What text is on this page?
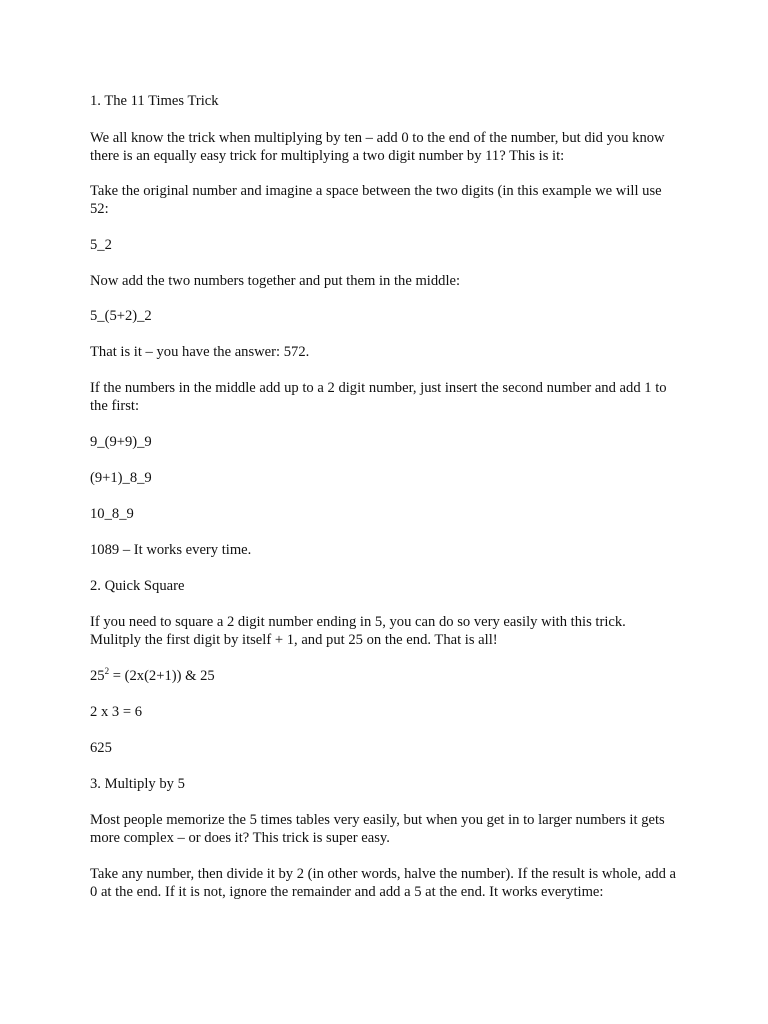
1. The 11 Times Trick

We all know the trick when multiplying by ten – add 0 to the end of the number, but did you know there is an equally easy trick for multiplying a two digit number by 11? This is it:

Take the original number and imagine a space between the two digits (in this example we will use 52:

5_2

Now add the two numbers together and put them in the middle:

5_(5+2)_2

That is it – you have the answer: 572.

If the numbers in the middle add up to a 2 digit number, just insert the second number and add 1 to the first:

9_(9+9)_9

(9+1)_8_9

10_8_9

1089 – It works every time.

2. Quick Square

If you need to square a 2 digit number ending in 5, you can do so very easily with this trick. Mulitply the first digit by itself + 1, and put 25 on the end. That is all!

$25^2 = (2x(2+1))$ & 25

2 x 3 = 6

625

3. Multiply by 5

Most people memorize the 5 times tables very easily, but when you get in to larger numbers it gets more complex – or does it? This trick is super easy.

Take any number, then divide it by 2 (in other words, halve the number). If the result is whole, add a 0 at the end. If it is not, ignore the remainder and add a 5 at the end. It works everytime:
